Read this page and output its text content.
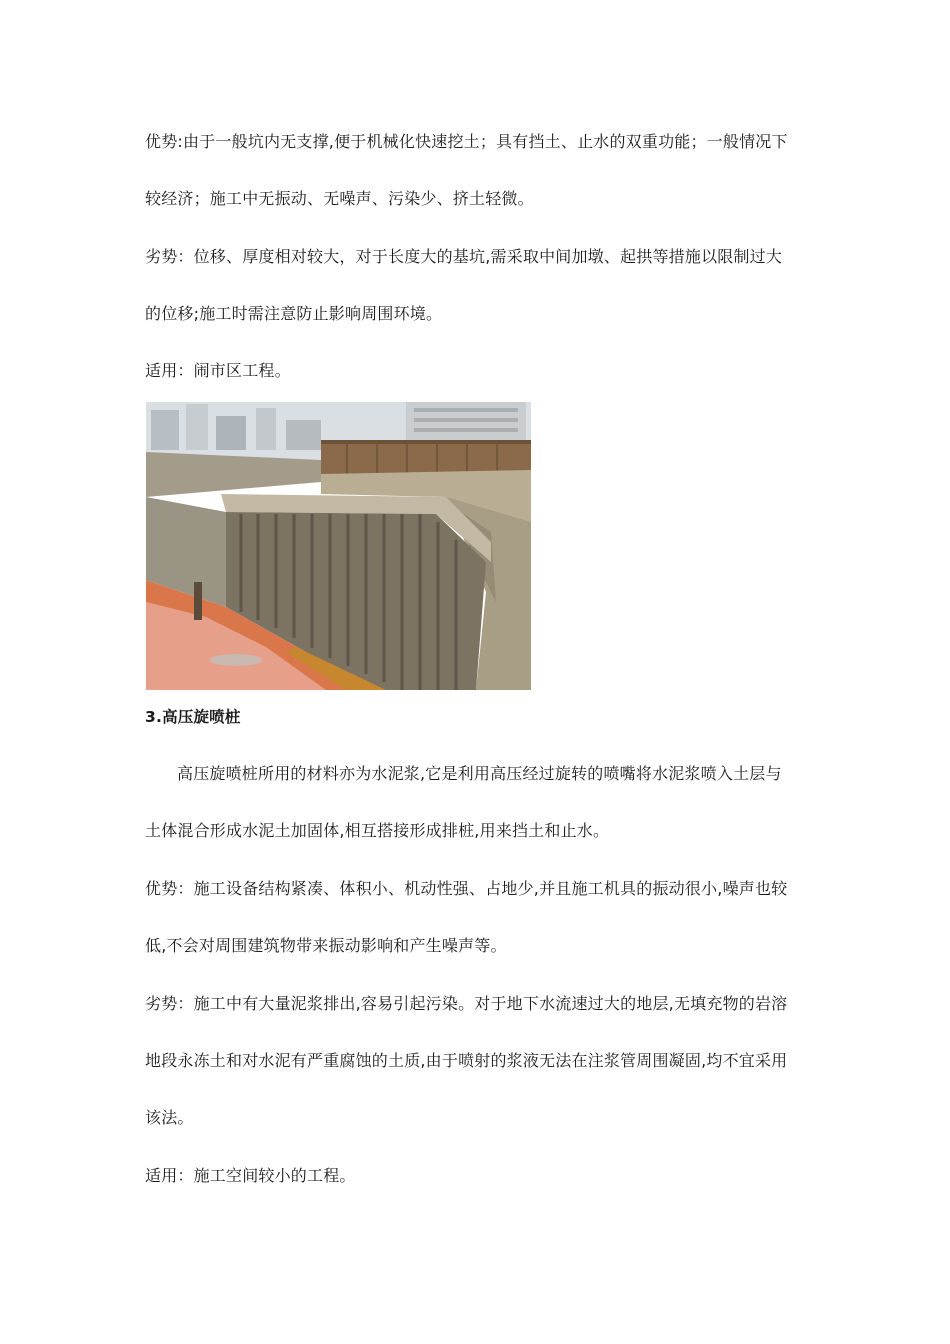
优势:由于一般坑内无支撑,便于机械化快速挖土；具有挡土、止水的双重功能；一般情况下
较经济；施工中无振动、无噪声、污染少、挤土轻微。
劣势：位移、厚度相对较大，对于长度大的基坑,需采取中间加墩、起拱等措施以限制过大
的位移;施工时需注意防止影响周围环境。
适用：闹市区工程。
3.高压旋喷桩
高压旋喷桩所用的材料亦为水泥浆,它是利用高压经过旋转的喷嘴将水泥浆喷入土层与
土体混合形成水泥土加固体,相互搭接形成排桩,用来挡土和止水。
优势：施工设备结构紧凑、体积小、机动性强、占地少,并且施工机具的振动很小,噪声也较
低,不会对周围建筑物带来振动影响和产生噪声等。
劣势：施工中有大量泥浆排出,容易引起污染。对于地下水流速过大的地层,无填充物的岩溶
地段永冻土和对水泥有严重腐蚀的土质,由于喷射的浆液无法在注浆管周围凝固,均不宜采用
该法。
适用：施工空间较小的工程。
